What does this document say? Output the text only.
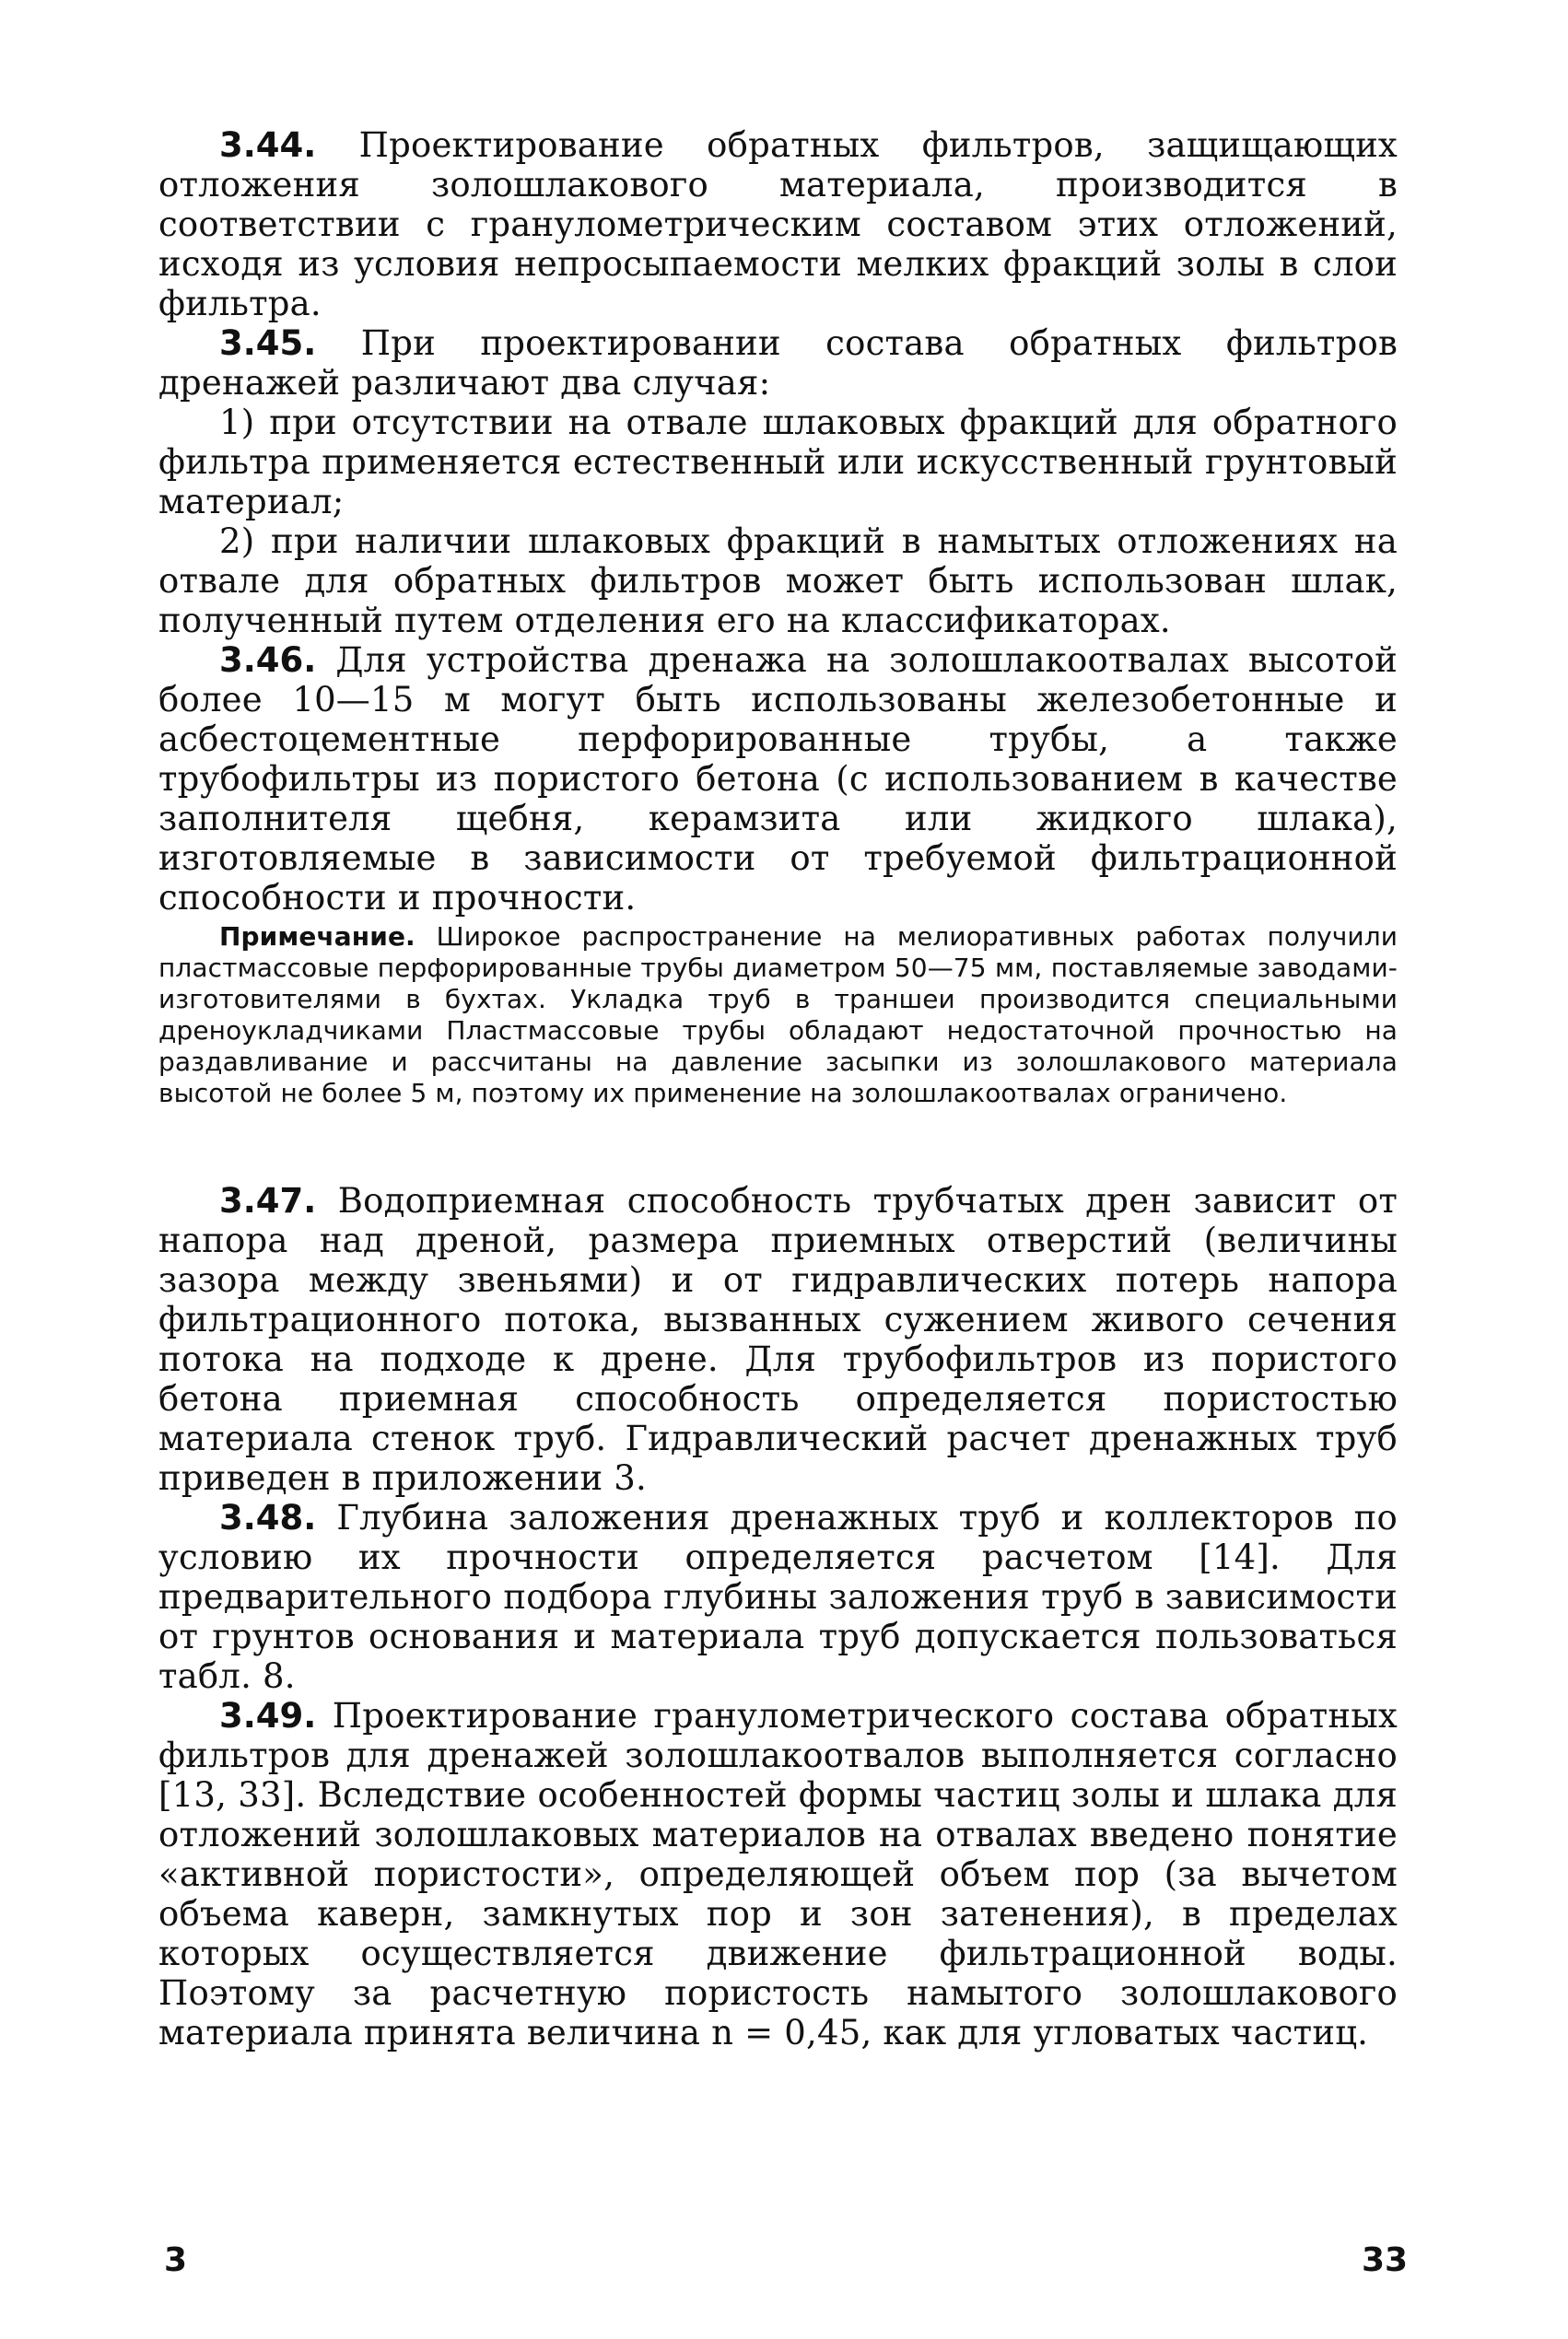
3.44. Проектирование обратных фильтров, защищающих отложения золошлакового материала, производится в соответствии с гранулометрическим составом этих отложений, исходя из условия непросыпаемости мелких фракций золы в слои фильтра.

3.45. При проектировании состава обратных фильтров дренажей различают два случая:

1) при отсутствии на отвале шлаковых фракций для обратного фильтра применяется естественный или искусственный грунтовый материал;

2) при наличии шлаковых фракций в намытых отложениях на отвале для обратных фильтров может быть использован шлак, полученный путем отделения его на классификаторах.

3.46. Для устройства дренажа на золошлакоотвалах высотой более 10—15 м могут быть использованы железобетонные и асбестоцементные перфорированные трубы, а также трубофильтры из пористого бетона (с использованием в качестве заполнителя щебня, керамзита или жидкого шлака), изготовляемые в зависимости от требуемой фильтрационной способности и прочности.

Примечание. Широкое распространение на мелиоративных работах получили пластмассовые перфорированные трубы диаметром 50—75 мм, поставляемые заводами-изготовителями в бухтах. Укладка труб в траншеи производится специальными дреноукладчиками Пластмассовые трубы обладают недостаточной прочностью на раздавливание и рассчитаны на давление засыпки из золошлакового материала высотой не более 5 м, поэтому их применение на золошлакоотвалах ограничено.

3.47. Водоприемная способность трубчатых дрен зависит от напора над дреной, размера приемных отверстий (величины зазора между звеньями) и от гидравлических потерь напора фильтрационного потока, вызванных сужением живого сечения потока на подходе к дрене. Для трубофильтров из пористого бетона приемная способность определяется пористостью материала стенок труб. Гидравлический расчет дренажных труб приведен в приложении 3.

3.48. Глубина заложения дренажных труб и коллекторов по условию их прочности определяется расчетом [14]. Для предварительного подбора глубины заложения труб в зависимости от грунтов основания и материала труб допускается пользоваться табл. 8.

3.49. Проектирование гранулометрического состава обратных фильтров для дренажей золошлакоотвалов выполняется согласно [13, 33]. Вследствие особенностей формы частиц золы и шлака для отложений золошлаковых материалов на отвалах введено понятие «активной пористости», определяющей объем пор (за вычетом объема каверн, замкнутых пор и зон затенения), в пределах которых осуществляется движение фильтрационной воды. Поэтому за расчетную пористость намытого золошлакового материала принята величина n = 0,45, как для угловатых частиц.

3	33
